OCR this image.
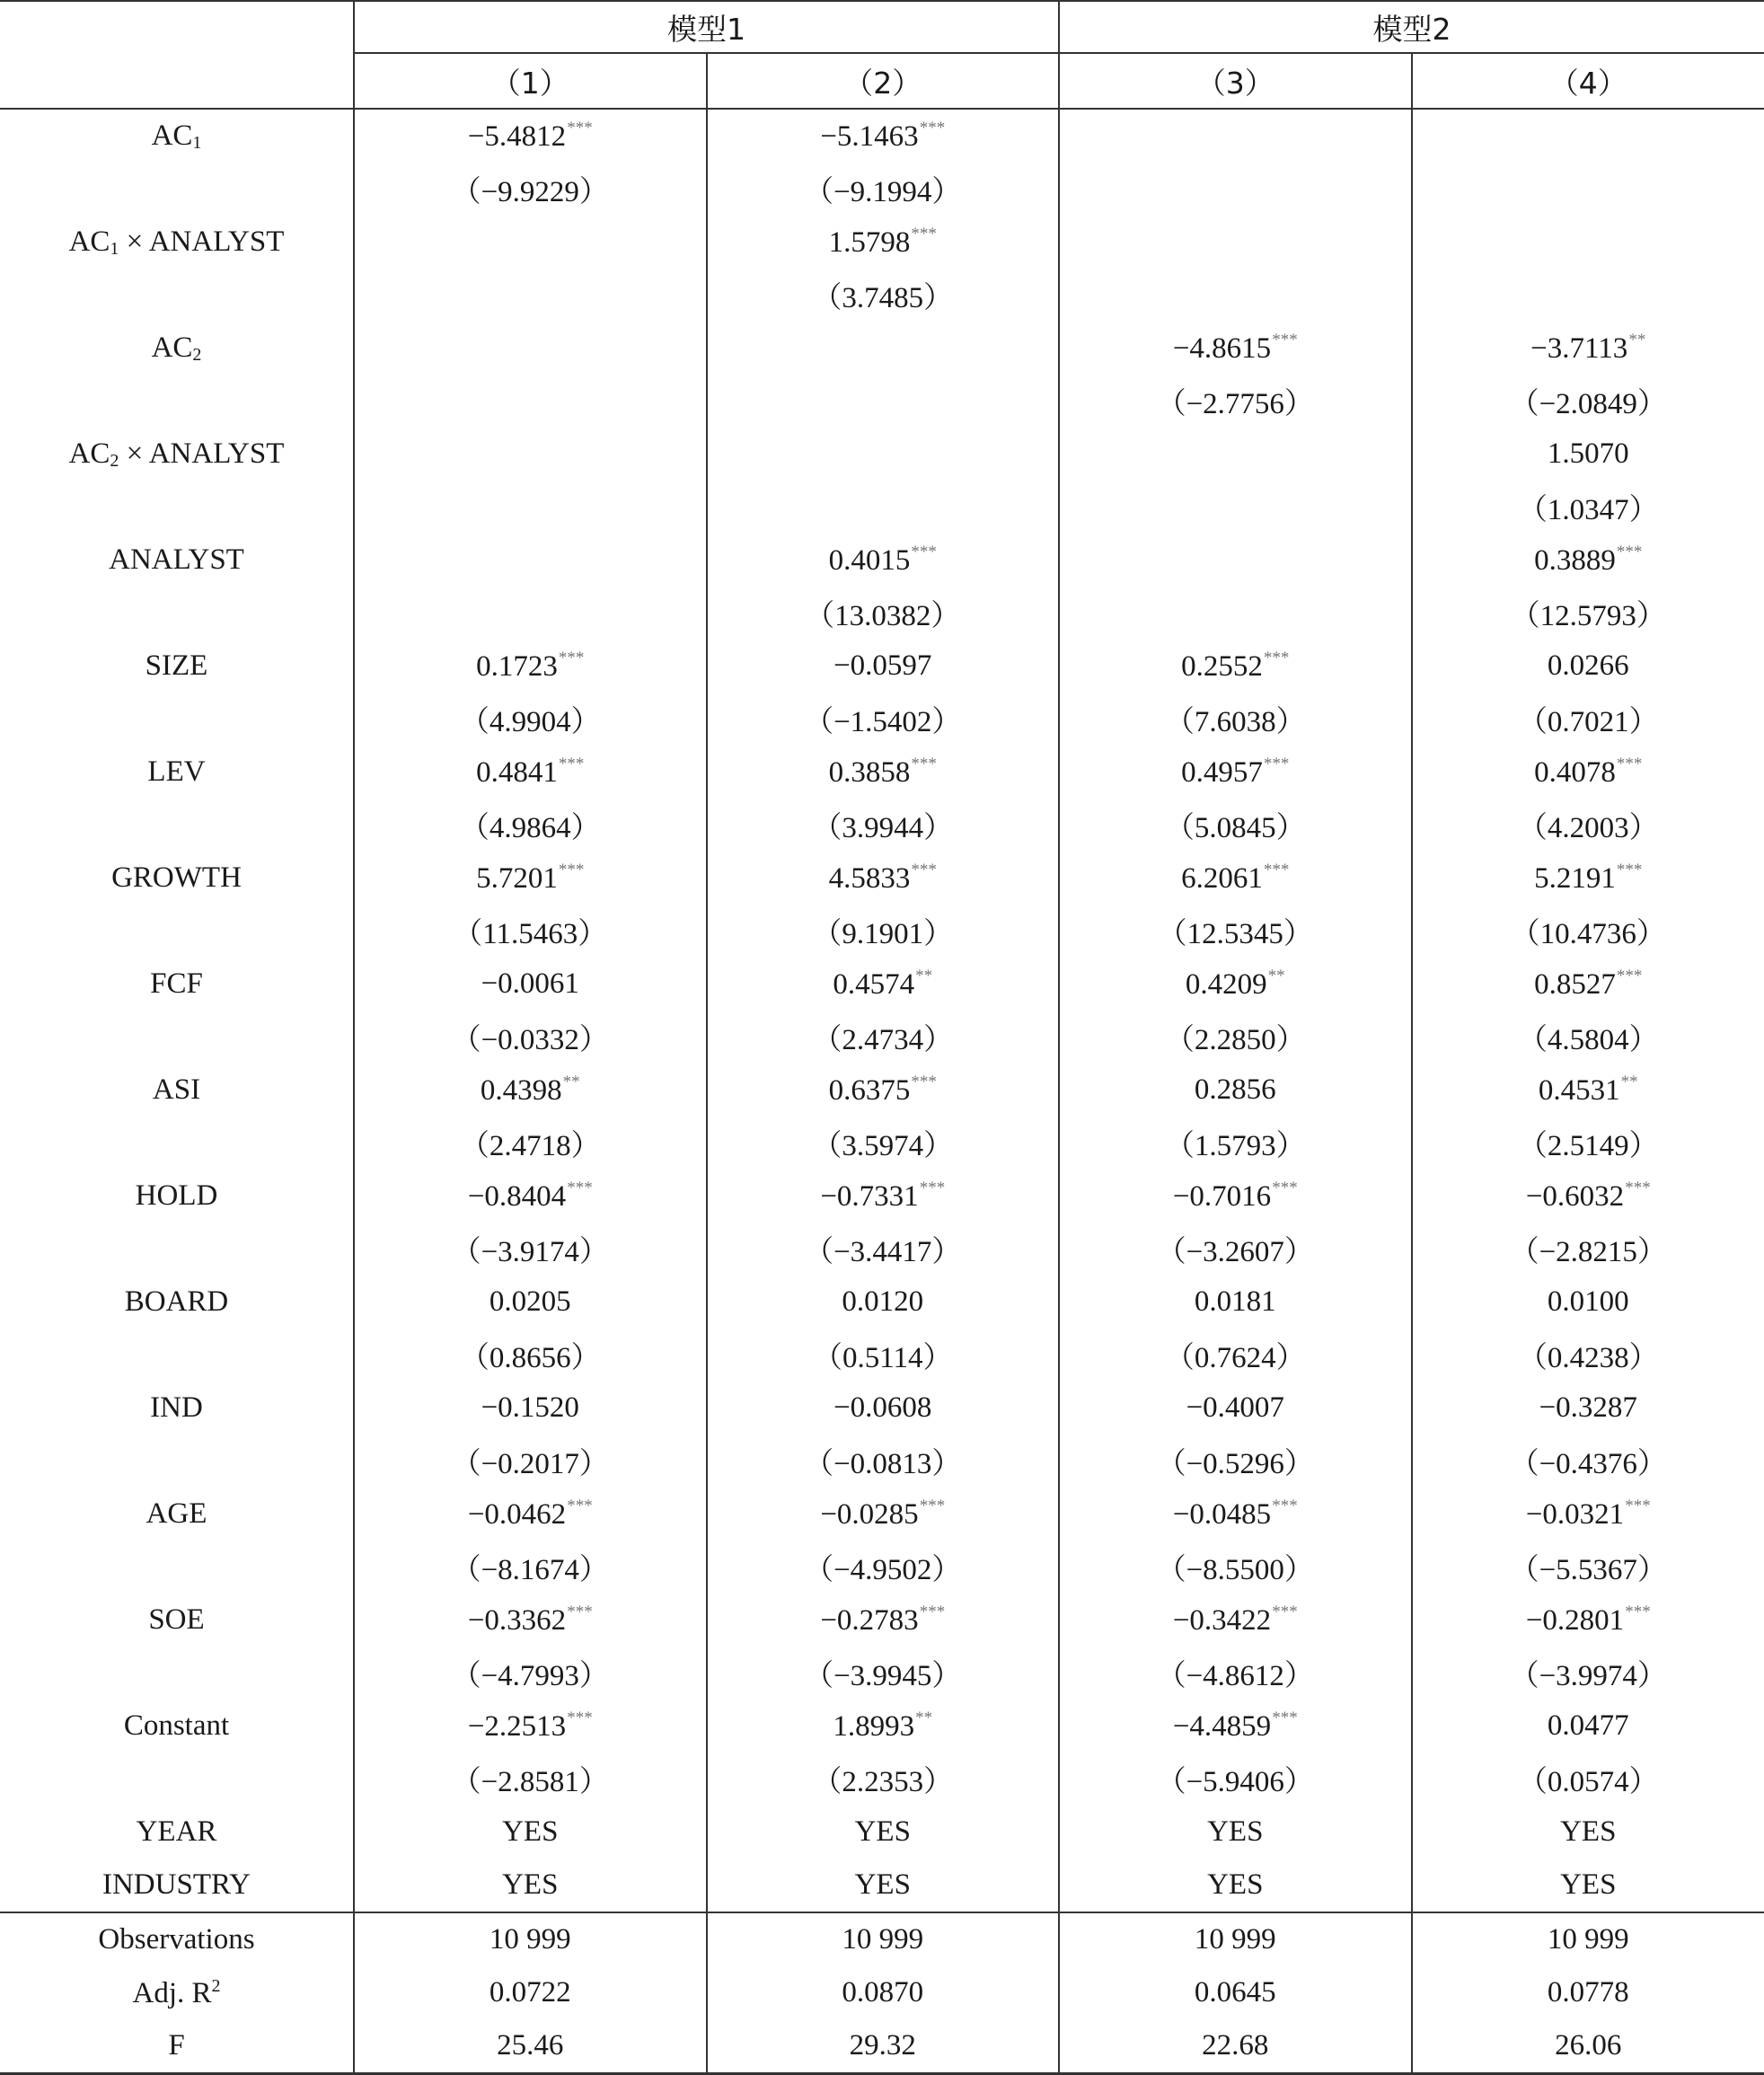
	模型1		模型2	
	（1）	（2）	（3）	（4）
$AC_1$	−5.4812***	−5.1463***		
	（−9.9229）	（−9.1994）		
$AC_1$ × ANALYST		1.5798***		
		（3.7485）		
$AC_2$			−4.8615***	−3.7113**
			（−2.7756）	（−2.0849）
$AC_2$ × ANALYST				1.5070
				（1.0347）
ANALYST		0.4015***		0.3889***
		（13.0382）		（12.5793）
SIZE	0.1723***	−0.0597	0.2552***	0.0266
	（4.9904）	（−1.5402）	（7.6038）	（0.7021）
LEV	0.4841***	0.3858***	0.4957***	0.4078***
	（4.9864）	（3.9944）	（5.0845）	（4.2003）
GROWTH	5.7201***	4.5833***	6.2061***	5.2191***
	（11.5463）	（9.1901）	（12.5345）	（10.4736）
FCF	−0.0061	0.4574**	0.4209**	0.8527***
	（−0.0332）	（2.4734）	（2.2850）	（4.5804）
ASI	0.4398**	0.6375***	0.2856	0.4531**
	（2.4718）	（3.5974）	（1.5793）	（2.5149）
HOLD	−0.8404***	−0.7331***	−0.7016***	−0.6032***
	（−3.9174）	（−3.4417）	（−3.2607）	（−2.8215）
BOARD	0.0205	0.0120	0.0181	0.0100
	（0.8656）	（0.5114）	（0.7624）	（0.4238）
IND	−0.1520	−0.0608	−0.4007	−0.3287
	（−0.2017）	（−0.0813）	（−0.5296）	（−0.4376）
AGE	−0.0462***	−0.0285***	−0.0485***	−0.0321***
	（−8.1674）	（−4.9502）	（−8.5500）	（−5.5367）
SOE	−0.3362***	−0.2783***	−0.3422***	−0.2801***
	（−4.7993）	（−3.9945）	（−4.8612）	（−3.9974）
Constant	−2.2513***	1.8993**	−4.4859***	0.0477
	（−2.8581）	（2.2353）	（−5.9406）	（0.0574）
YEAR	YES	YES	YES	YES
INDUSTRY	YES	YES	YES	YES
Observations	10 999	10 999	10 999	10 999
Adj. $R^2$	0.0722	0.0870	0.0645	0.0778
F	25.46	29.32	22.68	26.06
